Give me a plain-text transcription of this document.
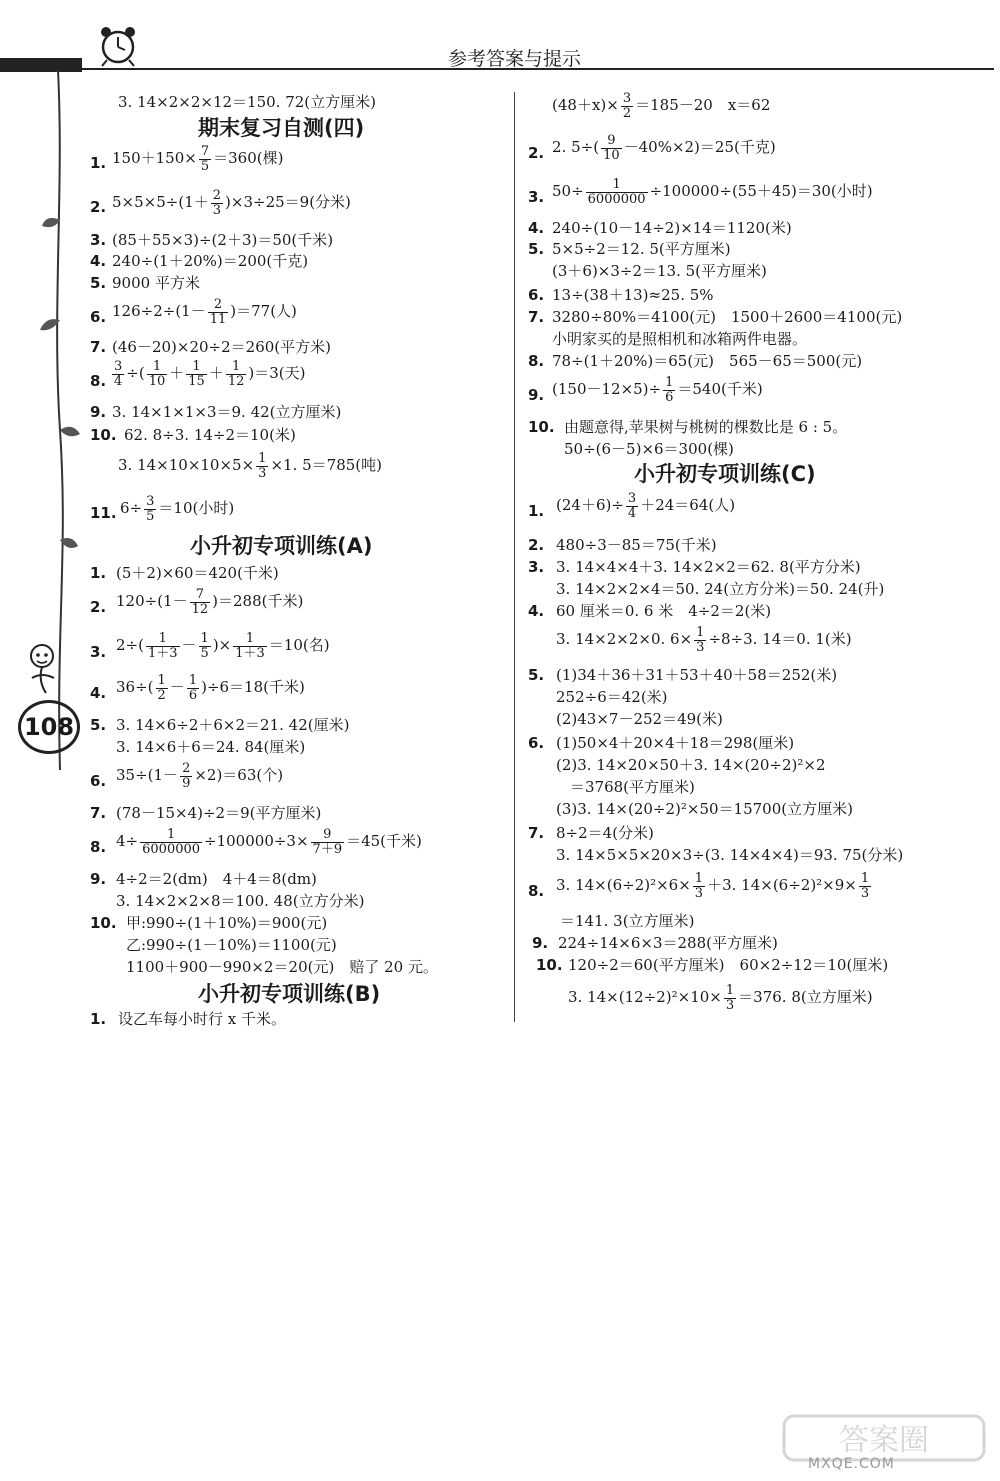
参考答案与提示
108
3. 14×2×2×12＝150. 72(立方厘米)
期末复习自测(四)
1. $150+150\times \frac{7}{5} =360$(棵)
2. $5\times 5\times 5\div(1+ \frac{2}{3} )\times 3\div 25=9$(分米)
3. (85＋55×3)÷(2＋3)＝50(千米)
4. 240÷(1＋20%)＝200(千克)
5. 9000 平方米
6. $126\div 2\div(1- \frac{2}{11} )=77$(人)
7. (46－20)×20÷2＝260(平方米)
8. $\frac{3}{4}$ ÷( $\frac{1}{10} + \frac{1}{15} + \frac{1}{12} )=3$(天)
9. 3. 14×1×1×3＝9. 42(立方厘米)
10. 62. 8÷3. 14÷2＝10(米)
3. $14\times 10\times 10\times 5\times \frac{1}{3} \times 1$. 5＝785(吨)
11. $6\div \frac{3}{5} =10$(小时)
小升初专项训练(A)
1. (5＋2)×60＝420(千米)
2. $120\div(1- \frac{7}{12} )=288$(千米)
3. $2\div( \frac{1}{1+3} - \frac{1}{5}$ )× $\frac{1}{1+3} =10$(名)
4. $36\div( \frac{1}{2} - \frac{1}{6} )\div 6=18$(千米)
5. 3. 14×6÷2＋6×2＝21. 42(厘米)
3. 14×6＋6＝24. 84(厘米)
6. $35\div(1- \frac{2}{9} \times 2)=63$(个)
7. (78－15×4)÷2＝9(平方厘米)
8. $4\div \frac{1}{6000000} \div 100000\div 3\times \frac{9}{7+9} =45$(千米)
9. 4÷2＝2(dm)　4＋4＝8(dm)
3. 14×2×2×8＝100. 48(立方分米)
10. 甲:990÷(1＋10%)＝900(元)
乙:990÷(1－10%)＝1100(元)
1100＋900－990×2＝20(元)　赔了 20 元。
小升初专项训练(B)
1. 设乙车每小时行 x 千米。
$(48+x)\times \frac{3}{2} =185-20$　x＝62
2. 2. $5\div( \frac{9}{10} -40\%\times 2)=25$(千克)
3. $50\div \frac{1}{6000000} \div 100000\div(55+45)=30$(小时)
4. 240÷(10－14÷2)×14＝1120(米)
5. 5×5÷2＝12. 5(平方厘米)
(3＋6)×3÷2＝13. 5(平方厘米)
6. 13÷(38＋13)≈25. 5%
7. 3280÷80%＝4100(元)　1500＋2600＝4100(元)
小明家买的是照相机和冰箱两件电器。
8. 78÷(1＋20%)＝65(元)　565－65＝500(元)
9. $(150-12\times 5)\div \frac{1}{6} =540$(千米)
10. 由题意得,苹果树与桃树的棵数比是 6 : 5。
50÷(6－5)×6＝300(棵)
小升初专项训练(C)
1. $(24+6)\div \frac{3}{4} +24=64$(人)
2. 480÷3－85＝75(千米)
3. 3. 14×4×4＋3. 14×2×2＝62. 8(平方分米)
3. 14×2×2×4＝50. 24(立方分米)＝50. 24(升)
4. 60 厘米＝0. 6 米　4÷2＝2(米)
3. 14×2×2×0. $6\times \frac{1}{3} \div 8\div 3$. 14＝0. 1(米)
5. (1)34＋36＋31＋53＋40＋58＝252(米)
252÷6＝42(米)
(2)43×7－252＝49(米)
6. (1)50×4＋20×4＋18＝298(厘米)
(2)3. 14×20×50＋3. 14×(20÷2)²×2
＝3768(平方厘米)
(3)3. 14×(20÷2)²×50＝15700(立方厘米)
7. 8÷2＝4(分米)
3. 14×5×5×20×3÷(3. 14×4×4)＝93. 75(分米)
8. 3. $14\times(6\div 2)^2\times 6\times \frac{1}{3} +3$. $14\times(6\div 2)^2\times 9\times \frac{1}{3}$
＝141. 3(立方厘米)
9. 224÷14×6×3＝288(平方厘米)
10. 120÷2＝60(平方厘米)　60×2÷12＝10(厘米)
3. $14\times(12\div 2)^2\times 10\times \frac{1}{3} =376$. 8(立方厘米)
答案圈
MXQE.COM
